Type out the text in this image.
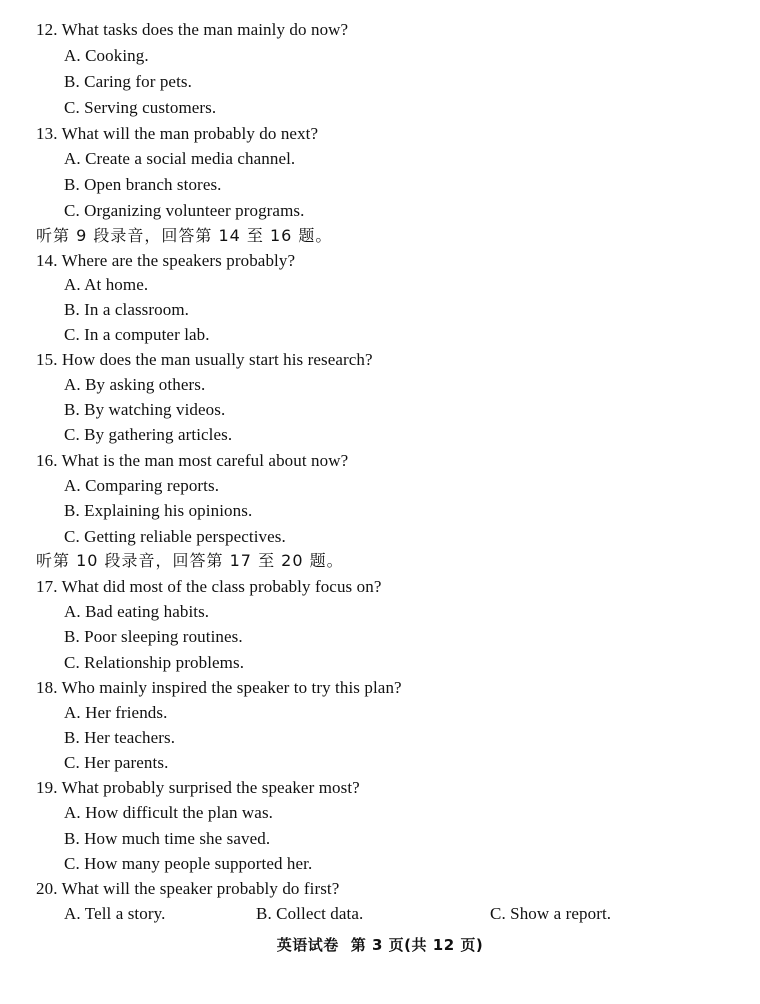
12. What tasks does the man mainly do now?
A. Cooking.
B. Caring for pets.
C. Serving customers.
13. What will the man probably do next?
A. Create a social media channel.
B. Open branch stores.
C. Organizing volunteer programs.
听第 9 段录音，回答第 14 至 16 题。
14. Where are the speakers probably?
A. At home.
B. In a classroom.
C. In a computer lab.
15. How does the man usually start his research?
A. By asking others.
B. By watching videos.
C. By gathering articles.
16. What is the man most careful about now?
A. Comparing reports.
B. Explaining his opinions.
C. Getting reliable perspectives.
听第 10 段录音，回答第 17 至 20 题。
17. What did most of the class probably focus on?
A. Bad eating habits.
B. Poor sleeping routines.
C. Relationship problems.
18. Who mainly inspired the speaker to try this plan?
A. Her friends.
B. Her teachers.
C. Her parents.
19. What probably surprised the speaker most?
A. How difficult the plan was.
B. How much time she saved.
C. How many people supported her.
20. What will the speaker probably do first?
A. Tell a story.	B. Collect data.	C. Show a report.
英语试卷 第 3 页(共 12 页)
